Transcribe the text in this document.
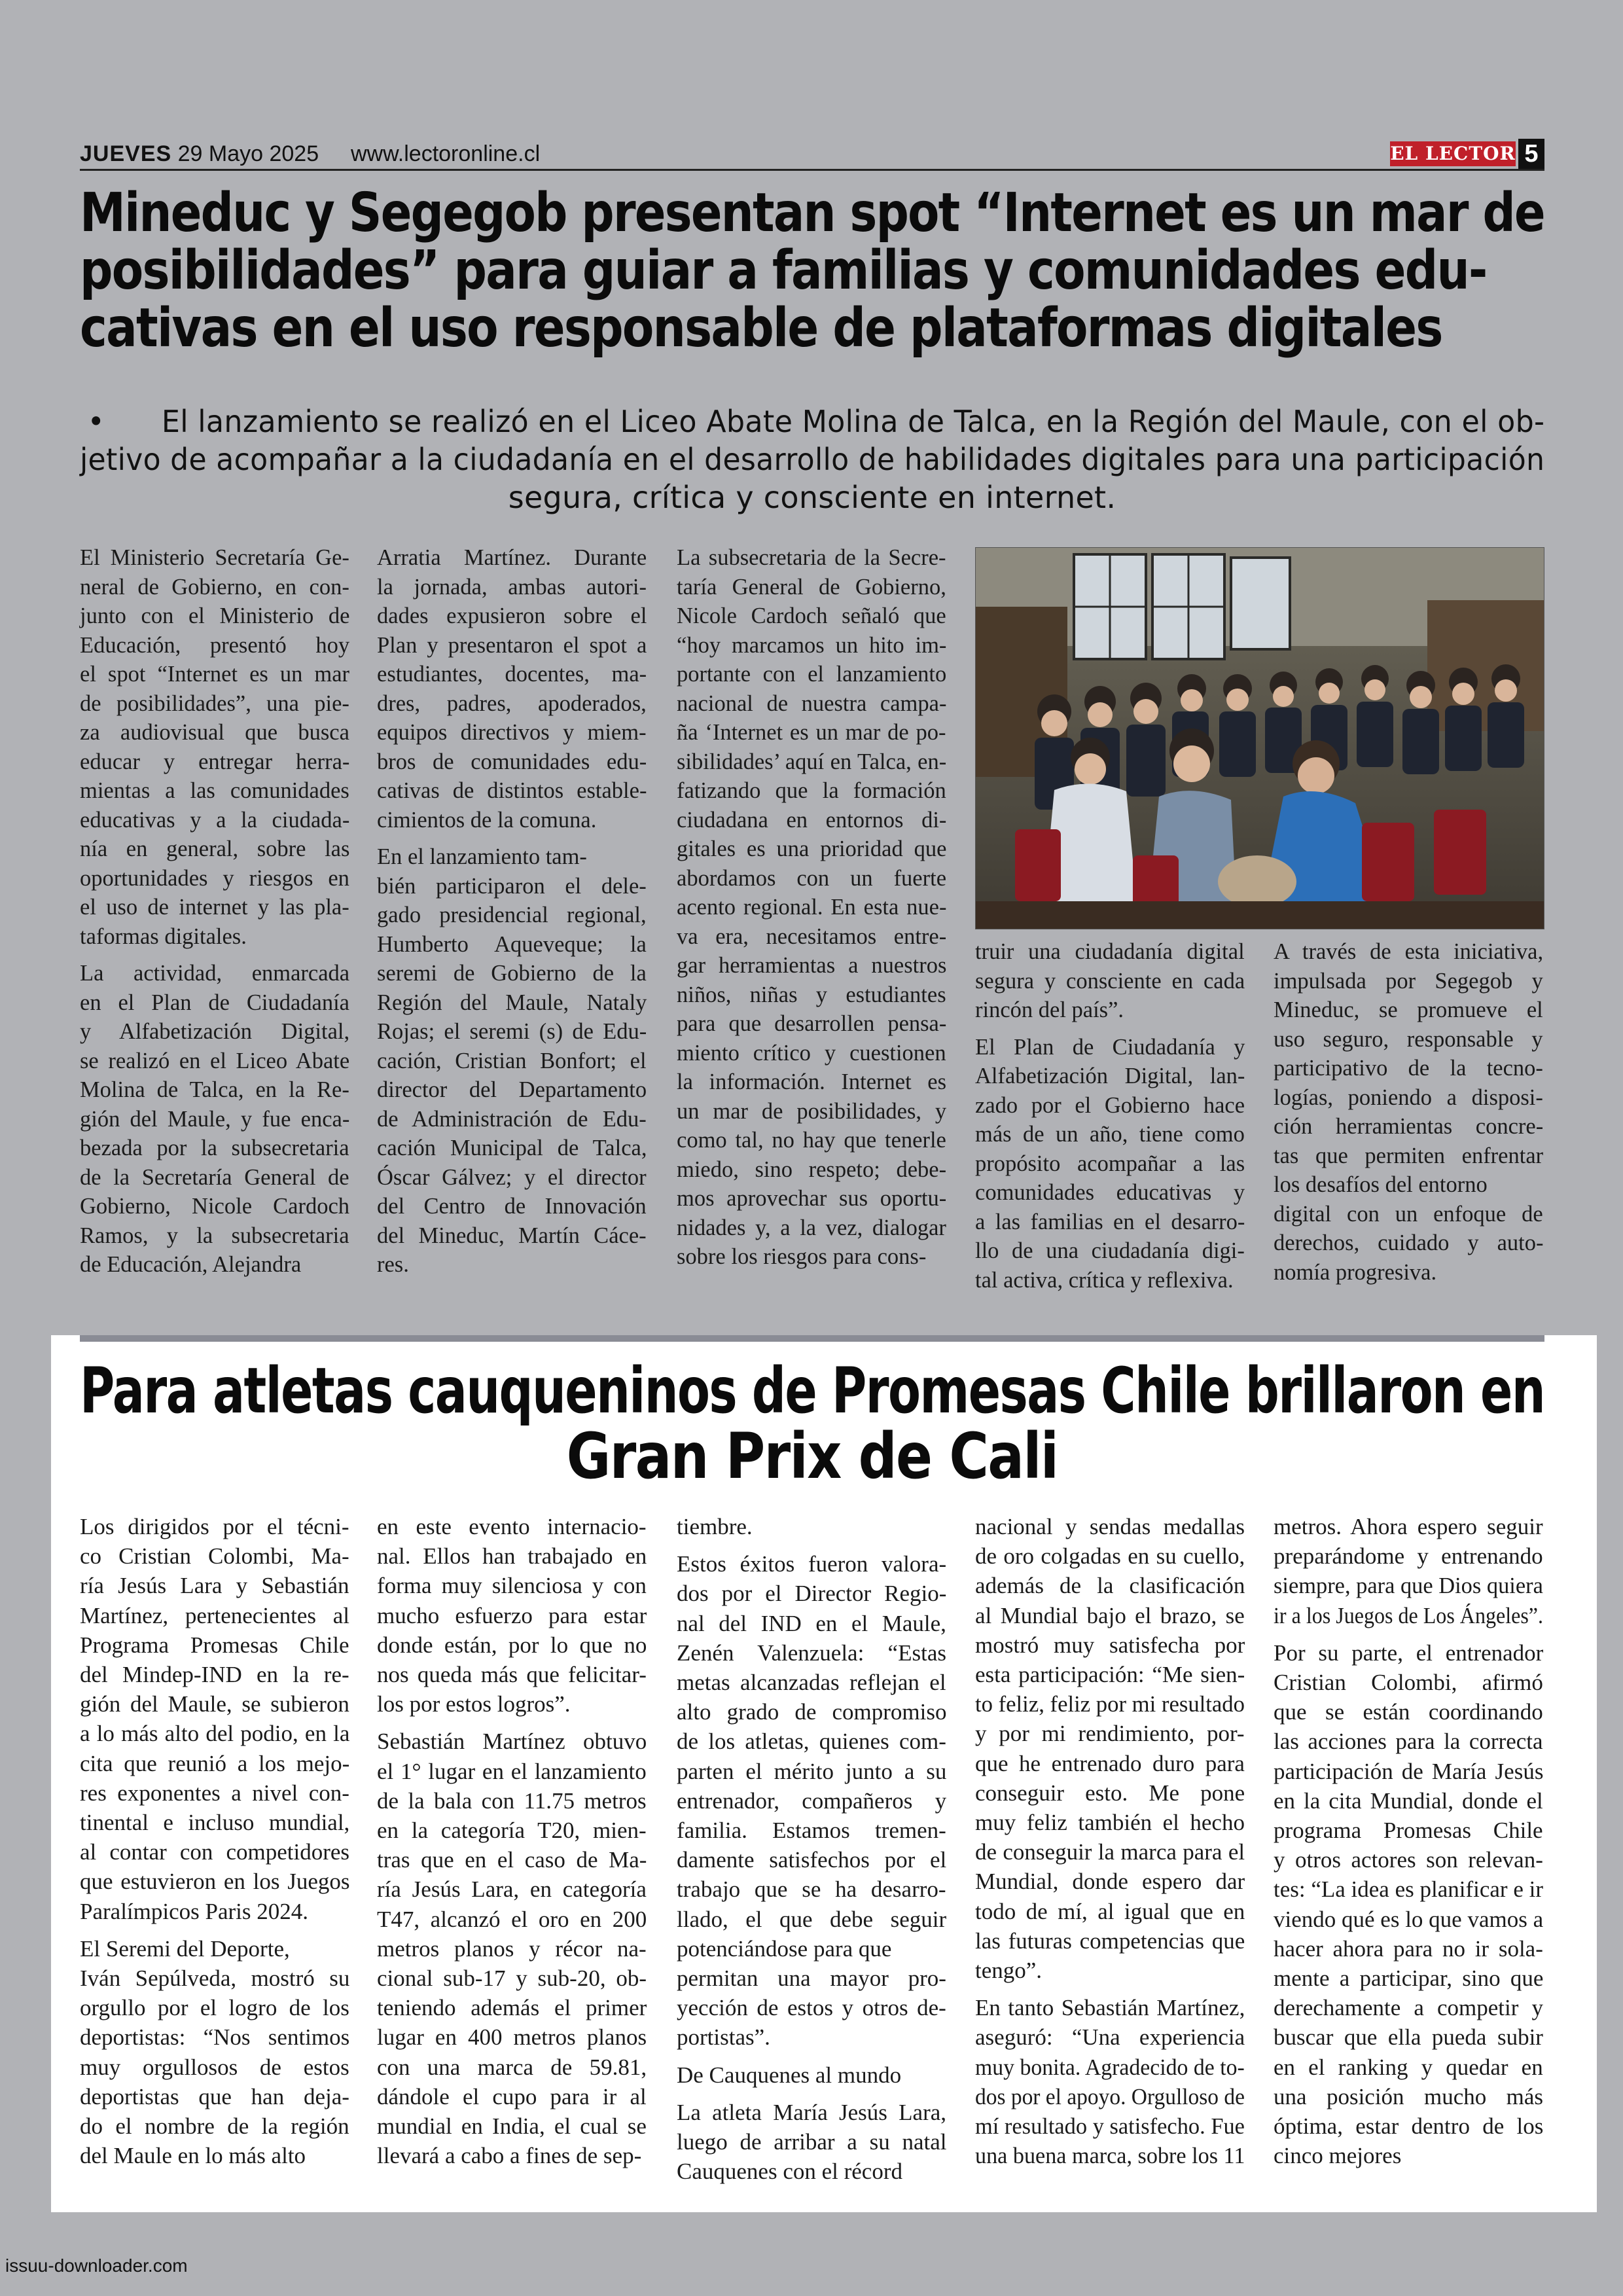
JUEVES 29 Mayo 2025 www.lectoronline.cl	EL LECTOR 5
Mineduc y Segegob presentan spot “Internet es un mar de
posibilidades” para guiar a familias y comunidades edu-
cativas en el uso responsable de plataformas digitales
• El lanzamiento se realizó en el Liceo Abate Molina de Talca, en la Región del Maule, con el ob-
jetivo de acompañar a la ciudadanía en el desarrollo de habilidades digitales para una participación
segura, crítica y consciente en internet.
El Ministerio Secretaría Ge-
neral de Gobierno, en con-
junto con el Ministerio de
Educación, presentó hoy
el spot “Internet es un mar
de posibilidades”, una pie-
za audiovisual que busca
educar y entregar herra-
mientas a las comunidades
educativas y a la ciudada-
nía en general, sobre las
oportunidades y riesgos en
el uso de internet y las pla-
taformas digitales.
La actividad, enmarcada
en el Plan de Ciudadanía
y Alfabetización Digital,
se realizó en el Liceo Abate
Molina de Talca, en la Re-
gión del Maule, y fue enca-
bezada por la subsecretaria
de la Secretaría General de
Gobierno, Nicole Cardoch
Ramos, y la subsecretaria
de Educación, Alejandra
Arratia Martínez. Durante
la jornada, ambas autori-
dades expusieron sobre el
Plan y presentaron el spot a
estudiantes, docentes, ma-
dres, padres, apoderados,
equipos directivos y miem-
bros de comunidades edu-
cativas de distintos estable-
cimientos de la comuna.
En el lanzamiento tam-
bién participaron el dele-
gado presidencial regional,
Humberto Aqueveque; la
seremi de Gobierno de la
Región del Maule, Nataly
Rojas; el seremi (s) de Edu-
cación, Cristian Bonfort; el
director del Departamento
de Administración de Edu-
cación Municipal de Talca,
Óscar Gálvez; y el director
del Centro de Innovación
del Mineduc, Martín Cáce-
res.
La subsecretaria de la Secre-
taría General de Gobierno,
Nicole Cardoch señaló que
“hoy marcamos un hito im-
portante con el lanzamiento
nacional de nuestra campa-
ña ‘Internet es un mar de po-
sibilidades’ aquí en Talca, en-
fatizando que la formación
ciudadana en entornos di-
gitales es una prioridad que
abordamos con un fuerte
acento regional. En esta nue-
va era, necesitamos entre-
gar herramientas a nuestros
niños, niñas y estudiantes
para que desarrollen pensa-
miento crítico y cuestionen
la información. Internet es
un mar de posibilidades, y
como tal, no hay que tenerle
miedo, sino respeto; debe-
mos aprovechar sus oportu-
nidades y, a la vez, dialogar
sobre los riesgos para cons-
truir una ciudadanía digital
segura y consciente en cada
rincón del país”.
El Plan de Ciudadanía y
Alfabetización Digital, lan-
zado por el Gobierno hace
más de un año, tiene como
propósito acompañar a las
comunidades educativas y
a las familias en el desarro-
llo de una ciudadanía digi-
tal activa, crítica y reflexiva.
A través de esta iniciativa,
impulsada por Segegob y
Mineduc, se promueve el
uso seguro, responsable y
participativo de la tecno-
logías, poniendo a disposi-
ción herramientas concre-
tas que permiten enfrentar
los desafíos del entorno
digital con un enfoque de
derechos, cuidado y auto-
nomía progresiva.
Para atletas cauqueninos de Promesas Chile brillaron en
Gran Prix de Cali
Los dirigidos por el técni-
co Cristian Colombi, Ma-
ría Jesús Lara y Sebastián
Martínez, pertenecientes al
Programa Promesas Chile
del Mindep-IND en la re-
gión del Maule, se subieron
a lo más alto del podio, en la
cita que reunió a los mejo-
res exponentes a nivel con-
tinental e incluso mundial,
al contar con competidores
que estuvieron en los Juegos
Paralímpicos Paris 2024.
El Seremi del Deporte,
Iván Sepúlveda, mostró su
orgullo por el logro de los
deportistas: “Nos sentimos
muy orgullosos de estos
deportistas que han deja-
do el nombre de la región
del Maule en lo más alto
en este evento internacio-
nal. Ellos han trabajado en
forma muy silenciosa y con
mucho esfuerzo para estar
donde están, por lo que no
nos queda más que felicitar-
los por estos logros”.
Sebastián Martínez obtuvo
el 1° lugar en el lanzamiento
de la bala con 11.75 metros
en la categoría T20, mien-
tras que en el caso de Ma-
ría Jesús Lara, en categoría
T47, alcanzó el oro en 200
metros planos y récor na-
cional sub-17 y sub-20, ob-
teniendo además el primer
lugar en 400 metros planos
con una marca de 59.81,
dándole el cupo para ir al
mundial en India, el cual se
llevará a cabo a fines de sep-
tiembre.
Estos éxitos fueron valora-
dos por el Director Regio-
nal del IND en el Maule,
Zenén Valenzuela: “Estas
metas alcanzadas reflejan el
alto grado de compromiso
de los atletas, quienes com-
parten el mérito junto a su
entrenador, compañeros y
familia. Estamos tremen-
damente satisfechos por el
trabajo que se ha desarro-
llado, el que debe seguir
potenciándose para que
permitan una mayor pro-
yección de estos y otros de-
portistas”.
De Cauquenes al mundo
La atleta María Jesús Lara,
luego de arribar a su natal
Cauquenes con el récord
nacional y sendas medallas
de oro colgadas en su cuello,
además de la clasificación
al Mundial bajo el brazo, se
mostró muy satisfecha por
esta participación: “Me sien-
to feliz, feliz por mi resultado
y por mi rendimiento, por-
que he entrenado duro para
conseguir esto. Me pone
muy feliz también el hecho
de conseguir la marca para el
Mundial, donde espero dar
todo de mí, al igual que en
las futuras competencias que
tengo”.
En tanto Sebastián Martínez,
aseguró: “Una experiencia
muy bonita. Agradecido de to-
dos por el apoyo. Orgulloso de
mí resultado y satisfecho. Fue
una buena marca, sobre los 11
metros. Ahora espero seguir
preparándome y entrenando
siempre, para que Dios quiera
ir a los Juegos de Los Ángeles”.
Por su parte, el entrenador
Cristian Colombi, afirmó
que se están coordinando
las acciones para la correcta
participación de María Jesús
en la cita Mundial, donde el
programa Promesas Chile
y otros actores son relevan-
tes: “La idea es planificar e ir
viendo qué es lo que vamos a
hacer ahora para no ir sola-
mente a participar, sino que
derechamente a competir y
buscar que ella pueda subir
en el ranking y quedar en
una posición mucho más
óptima, estar dentro de los
cinco mejores
issuu-downloader.com
